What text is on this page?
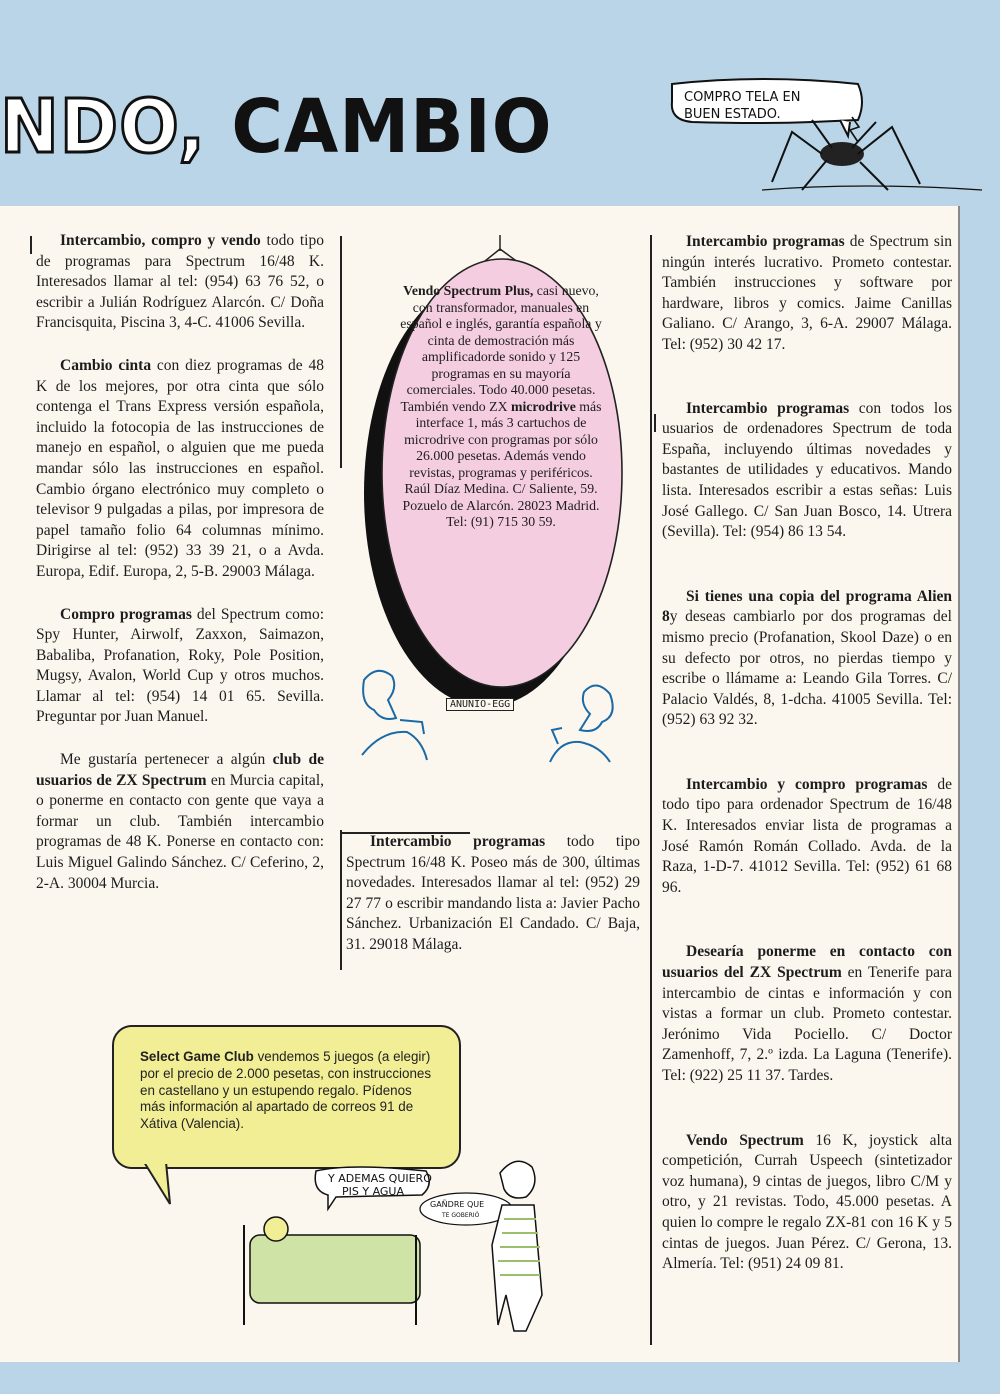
NDO, CAMBIO	COMPRO TELA EN
BUEN ESTADO.

Intercambio, compro y vendo todo tipo de programas para Spectrum 16/48 K. Interesados llamar al tel: (954) 63 76 52, o escribir a Julián Rodríguez Alarcón. C/ Doña Francisquita, Piscina 3, 4-C. 41006 Sevilla.

Cambio cinta con diez programas de 48 K de los mejores, por otra cinta que sólo contenga el Trans Express versión española, incluido la fotocopia de las instrucciones de manejo en español, o alguien que me pueda mandar sólo las instrucciones en español. Cambio órgano electrónico muy completo o televisor 9 pulgadas a pilas, por impresora de papel tamaño folio 64 columnas mínimo. Dirigirse al tel: (952) 33 39 21, o a Avda. Europa, Edif. Europa, 2, 5-B. 29003 Málaga.

Compro programas del Spectrum como: Spy Hunter, Airwolf, Zaxxon, Saimazon, Babaliba, Profanation, Roky, Pole Position, Mugsy, Avalon, World Cup y otros muchos. Llamar al tel: (954) 14 01 65. Sevilla. Preguntar por Juan Manuel.

Me gustaría pertenecer a algún club de usuarios de ZX Spectrum en Murcia capital, o ponerme en contacto con gente que vaya a formar un club. También intercambio programas de 48 K. Ponerse en contacto con: Luis Miguel Galindo Sánchez. C/ Ceferino, 2, 2-A. 30004 Murcia.

Vendo Spectrum Plus, casi nuevo, con transformador, manuales en español e inglés, garantía española y cinta de demostración más amplificadorde sonido y 125 programas en su mayoría comerciales. Todo 40.000 pesetas. También vendo ZX microdrive más interface 1, más 3 cartuchos de microdrive con programas por sólo 26.000 pesetas. Además vendo revistas, programas y periféricos. Raúl Díaz Medina. C/ Saliente, 59. Pozuelo de Alarcón. 28023 Madrid. Tel: (91) 715 30 59.
ANUNIO-EGG

Intercambio programas todo tipo Spectrum 16/48 K. Poseo más de 300, últimas novedades. Interesados llamar al tel: (952) 29 27 77 o escribir mandando lista a: Javier Pacho Sánchez. Urbanización El Candado. C/ Baja, 31. 29018 Málaga.

Intercambio programas de Spectrum sin ningún interés lucrativo. Prometo contestar. También instrucciones y software por hardware, libros y comics. Jaime Canillas Galiano. C/ Arango, 3, 6-A. 29007 Málaga. Tel: (952) 30 42 17.

Intercambio programas con todos los usuarios de ordenadores Spectrum de toda España, incluyendo últimas novedades y bastantes de utilidades y educativos. Mando lista. Interesados escribir a estas señas: Luis José Gallego. C/ San Juan Bosco, 14. Utrera (Sevilla). Tel: (954) 86 13 54.

Si tienes una copia del programa Alien 8y deseas cambiarlo por dos programas del mismo precio (Profanation, Skool Daze) o en su defecto por otros, no pierdas tiempo y escribe o llámame a: Leando Gila Torres. C/ Palacio Valdés, 8, 1-dcha. 41005 Sevilla. Tel: (952) 63 92 32.

Intercambio y compro programas de todo tipo para ordenador Spectrum de 16/48 K. Interesados enviar lista de programas a José Ramón Román Collado. Avda. de la Raza, 1-D-7. 41012 Sevilla. Tel: (952) 61 68 96.

Desearía ponerme en contacto con usuarios del ZX Spectrum en Tenerife para intercambio de cintas e información y con vistas a formar un club. Prometo contestar. Jerónimo Vida Pociello. C/ Doctor Zamenhoff, 7, 2.º izda. La Laguna (Tenerife). Tel: (922) 25 11 37. Tardes.

Vendo Spectrum 16 K, joystick alta competición, Currah Uspeech (sintetizador voz humana), 9 cintas de juegos, libro C/M y otro, y 21 revistas. Todo, 45.000 pesetas. A quien lo compre le regalo ZX-81 con 16 K y 5 cintas de juegos. Juan Pérez. C/ Gerona, 13. Almería. Tel: (951) 24 09 81.

Select Game Club vendemos 5 juegos (a elegir) por el precio de 2.000 pesetas, con instrucciones en castellano y un estupendo regalo. Pídenos más información al apartado de correos 91 de Xátiva (Valencia).
Y ADEMAS QUIERO
PIS Y AGUA
GAÑDRE QUE
TE GOBERIÓ
